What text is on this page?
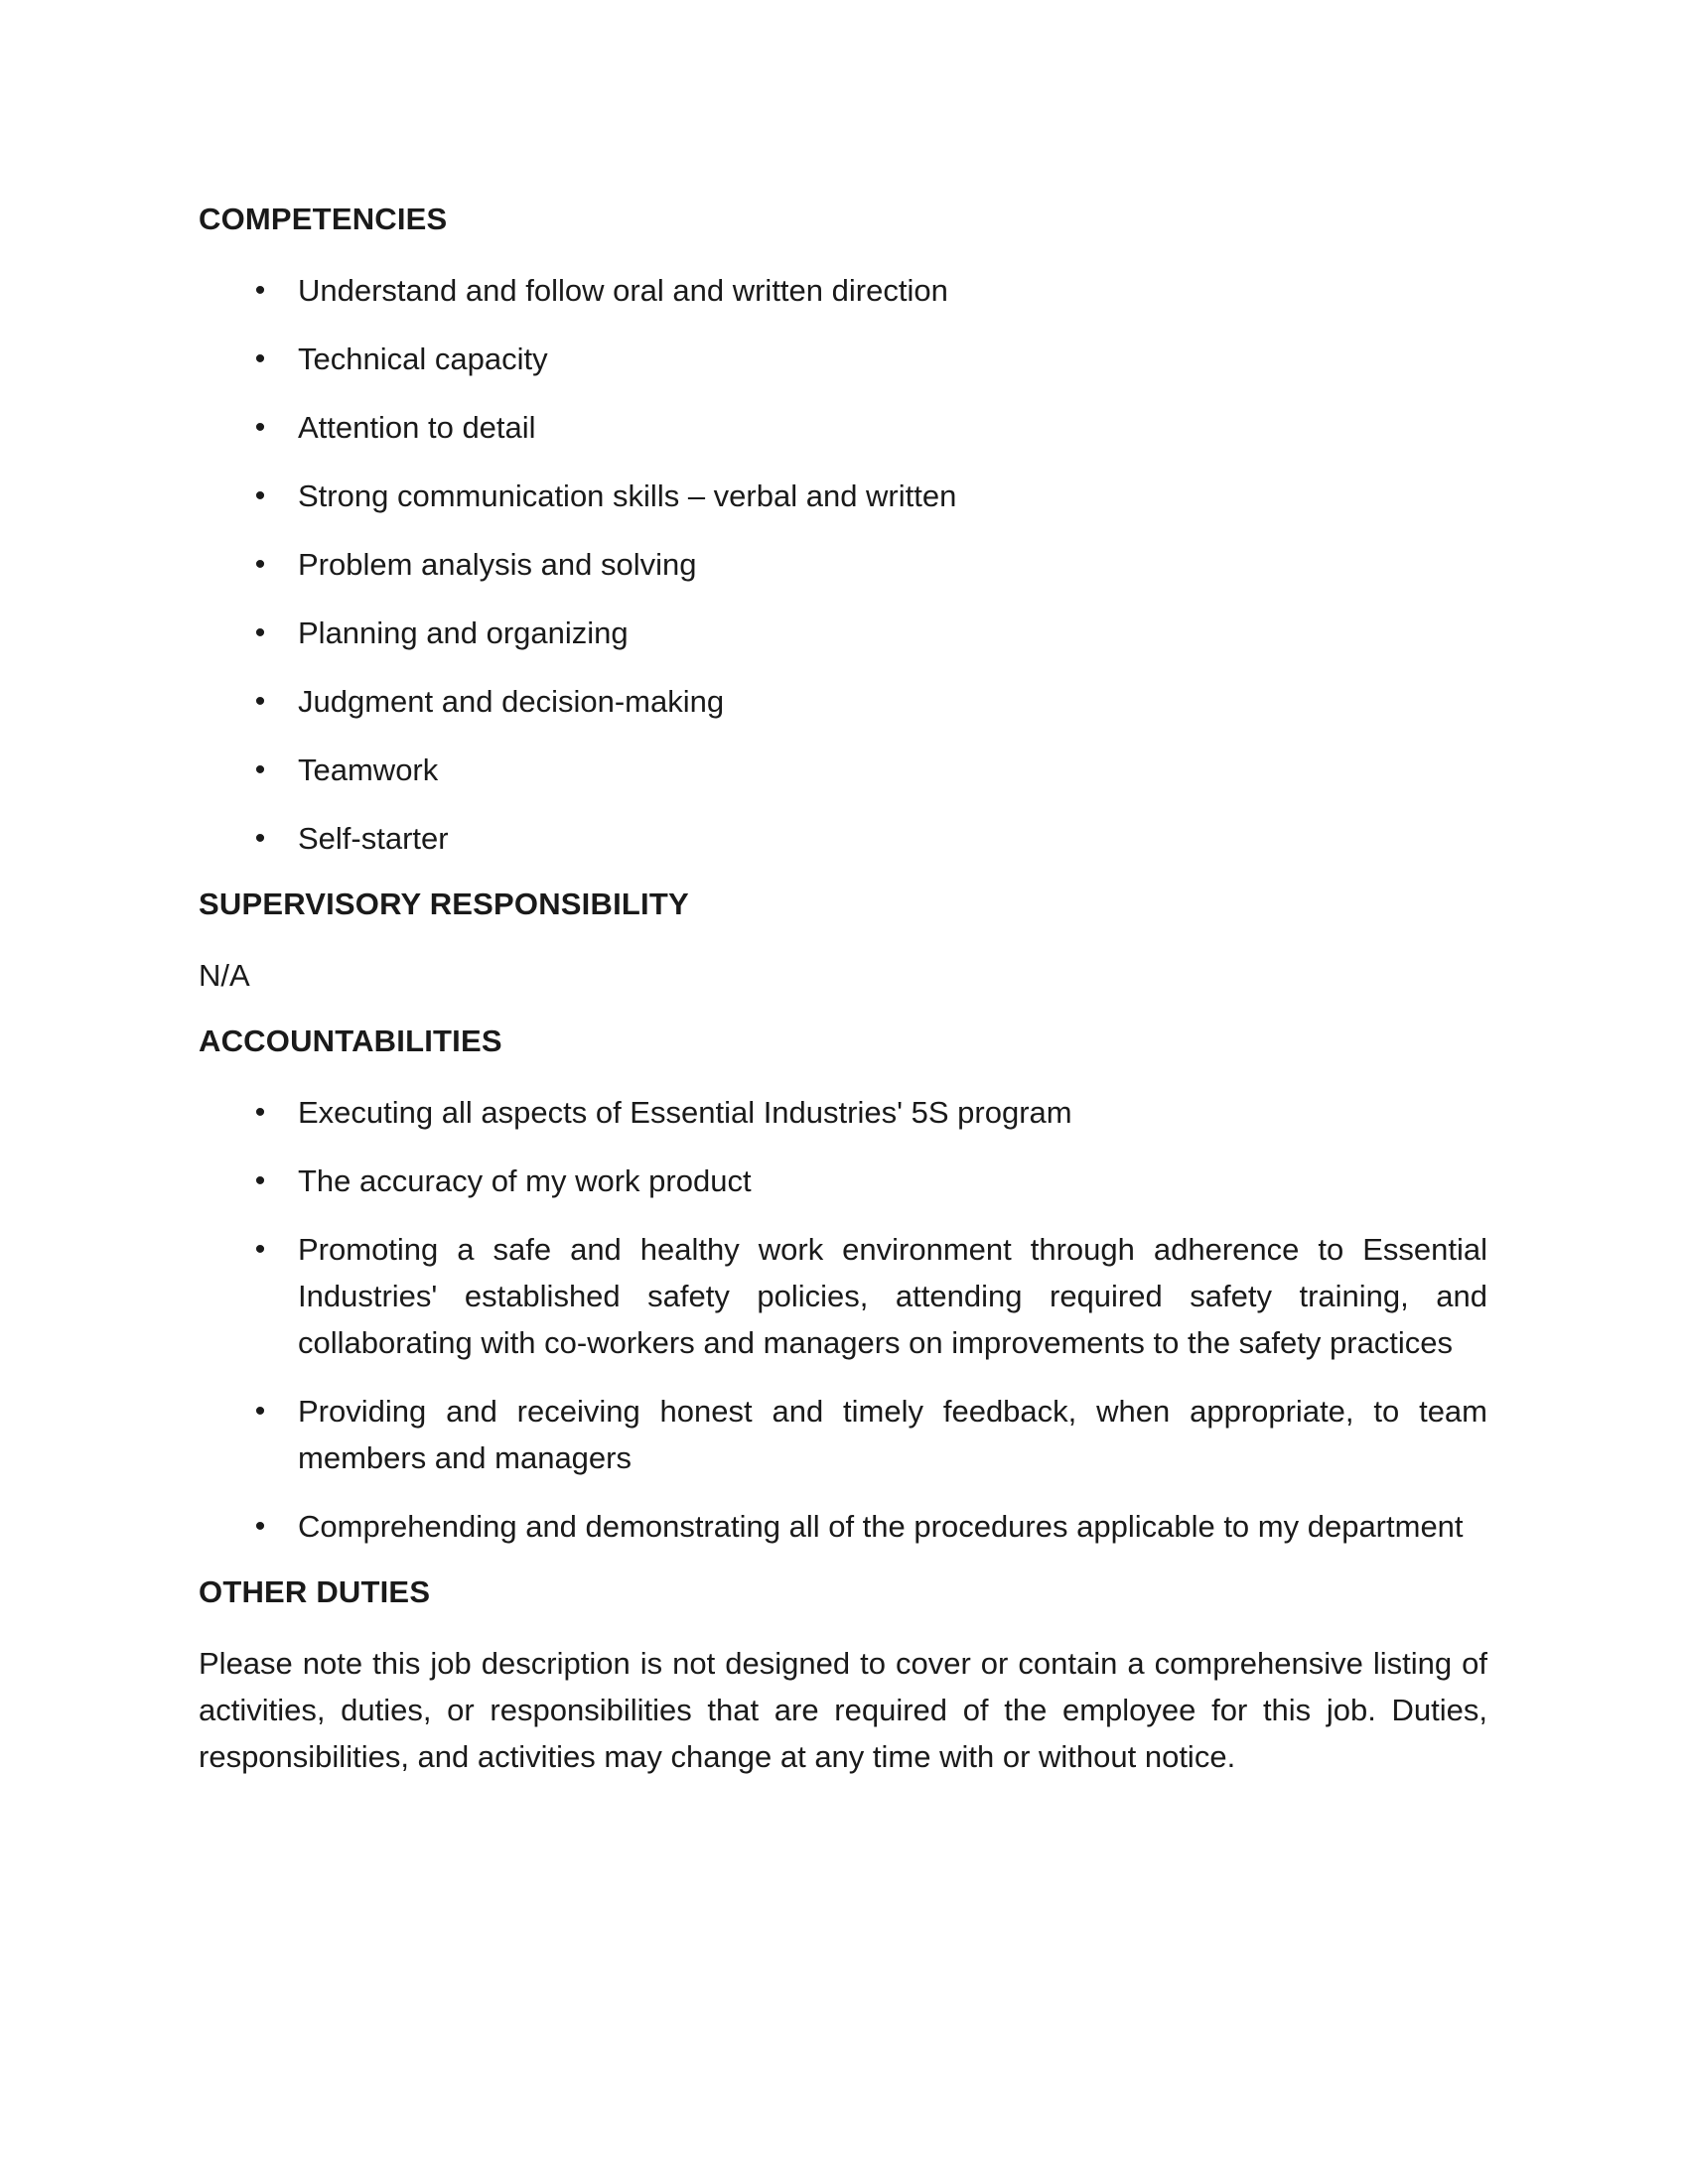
COMPETENCIES
• Understand and follow oral and written direction
• Technical capacity
• Attention to detail
• Strong communication skills – verbal and written
• Problem analysis and solving
• Planning and organizing
• Judgment and decision-making
• Teamwork
• Self-starter
SUPERVISORY RESPONSIBILITY
N/A
ACCOUNTABILITIES
• Executing all aspects of Essential Industries' 5S program
• The accuracy of my work product
• Promoting a safe and healthy work environment through adherence to Essential Industries' established safety policies, attending required safety training, and collaborating with co-workers and managers on improvements to the safety practices
• Providing and receiving honest and timely feedback, when appropriate, to team members and managers
• Comprehending and demonstrating all of the procedures applicable to my department
OTHER DUTIES
Please note this job description is not designed to cover or contain a comprehensive listing of activities, duties, or responsibilities that are required of the employee for this job. Duties, responsibilities, and activities may change at any time with or without notice.
